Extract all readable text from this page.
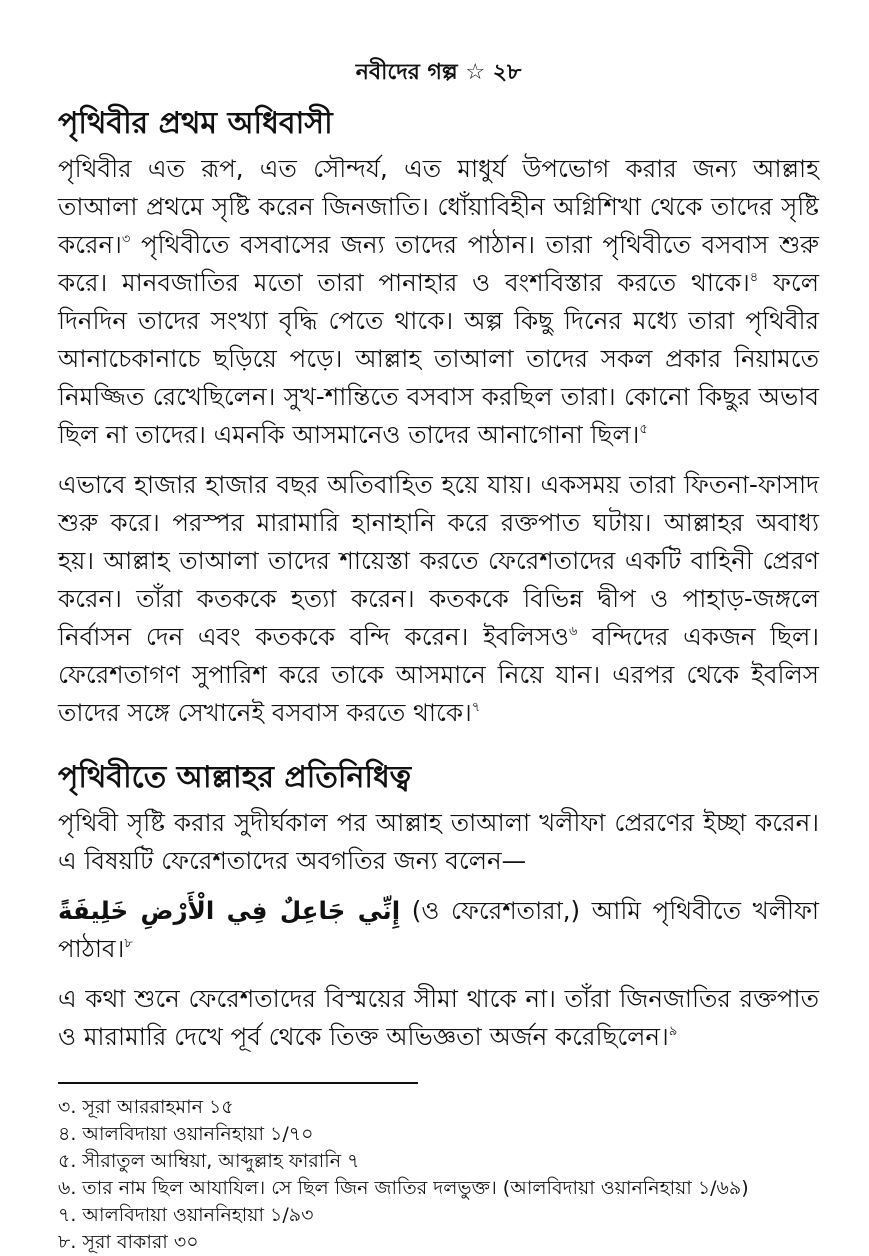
নবীদের গল্প ☆ ২৮
পৃথিবীর প্রথম অধিবাসী

পৃথিবীর এত রূপ, এত সৌন্দর্য, এত মাধুর্য উপভোগ করার জন্য আল্লাহ তাআলা প্রথমে সৃষ্টি করেন জিনজাতি। ধোঁয়াবিহীন অগ্নিশিখা থেকে তাদের সৃষ্টি করেন।$^৩$ পৃথিবীতে বসবাসের জন্য তাদের পাঠান। তারা পৃথিবীতে বসবাস শুরু করে। মানবজাতির মতো তারা পানাহার ও বংশবিস্তার করতে থাকে।$^৪$ ফলে দিনদিন তাদের সংখ্যা বৃদ্ধি পেতে থাকে। অল্প কিছু দিনের মধ্যে তারা পৃথিবীর আনাচেকানাচে ছড়িয়ে পড়ে। আল্লাহ তাআলা তাদের সকল প্রকার নিয়ামতে নিমজ্জিত রেখেছিলেন। সুখ-শান্তিতে বসবাস করছিল তারা। কোনো কিছুর অভাব ছিল না তাদের। এমনকি আসমানেও তাদের আনাগোনা ছিল।$^৫$

এভাবে হাজার হাজার বছর অতিবাহিত হয়ে যায়। একসময় তারা ফিতনা-ফাসাদ শুরু করে। পরস্পর মারামারি হানাহানি করে রক্তপাত ঘটায়। আল্লাহর অবাধ্য হয়। আল্লাহ তাআলা তাদের শায়েস্তা করতে ফেরেশতাদের একটি বাহিনী প্রেরণ করেন। তাঁরা কতককে হত্যা করেন। কতককে বিভিন্ন দ্বীপ ও পাহাড়-জঙ্গলে নির্বাসন দেন এবং কতককে বন্দি করেন। ইবলিসও$^৬$ বন্দিদের একজন ছিল। ফেরেশতাগণ সুপারিশ করে তাকে আসমানে নিয়ে যান। এরপর থেকে ইবলিস তাদের সঙ্গে সেখানেই বসবাস করতে থাকে।$^৭$

পৃথিবীতে আল্লাহর প্রতিনিধিত্ব

পৃথিবী সৃষ্টি করার সুদীর্ঘকাল পর আল্লাহ তাআলা খলীফা প্রেরণের ইচ্ছা করেন। এ বিষয়টি ফেরেশতাদের অবগতির জন্য বলেন—

إِنِّي جَاعِلٌ فِي الْأَرْضِ خَلِيفَةً (ও ফেরেশতারা,) আমি পৃথিবীতে খলীফা পাঠাব।$^৮$

এ কথা শুনে ফেরেশতাদের বিস্ময়ের সীমা থাকে না। তাঁরা জিনজাতির রক্তপাত ও মারামারি দেখে পূর্ব থেকে তিক্ত অভিজ্ঞতা অর্জন করেছিলেন।$^৯$

৩. সূরা আররাহমান ১৫
৪. আলবিদায়া ওয়াননিহায়া ১/৭০
৫. সীরাতুল আম্বিয়া, আব্দুল্লাহ ফারানি ৭
৬. তার নাম ছিল আযাযিল। সে ছিল জিন জাতির দলভুক্ত। (আলবিদায়া ওয়াননিহায়া ১/৬৯)
৭. আলবিদায়া ওয়াননিহায়া ১/৯৩
৮. সূরা বাকারা ৩০
